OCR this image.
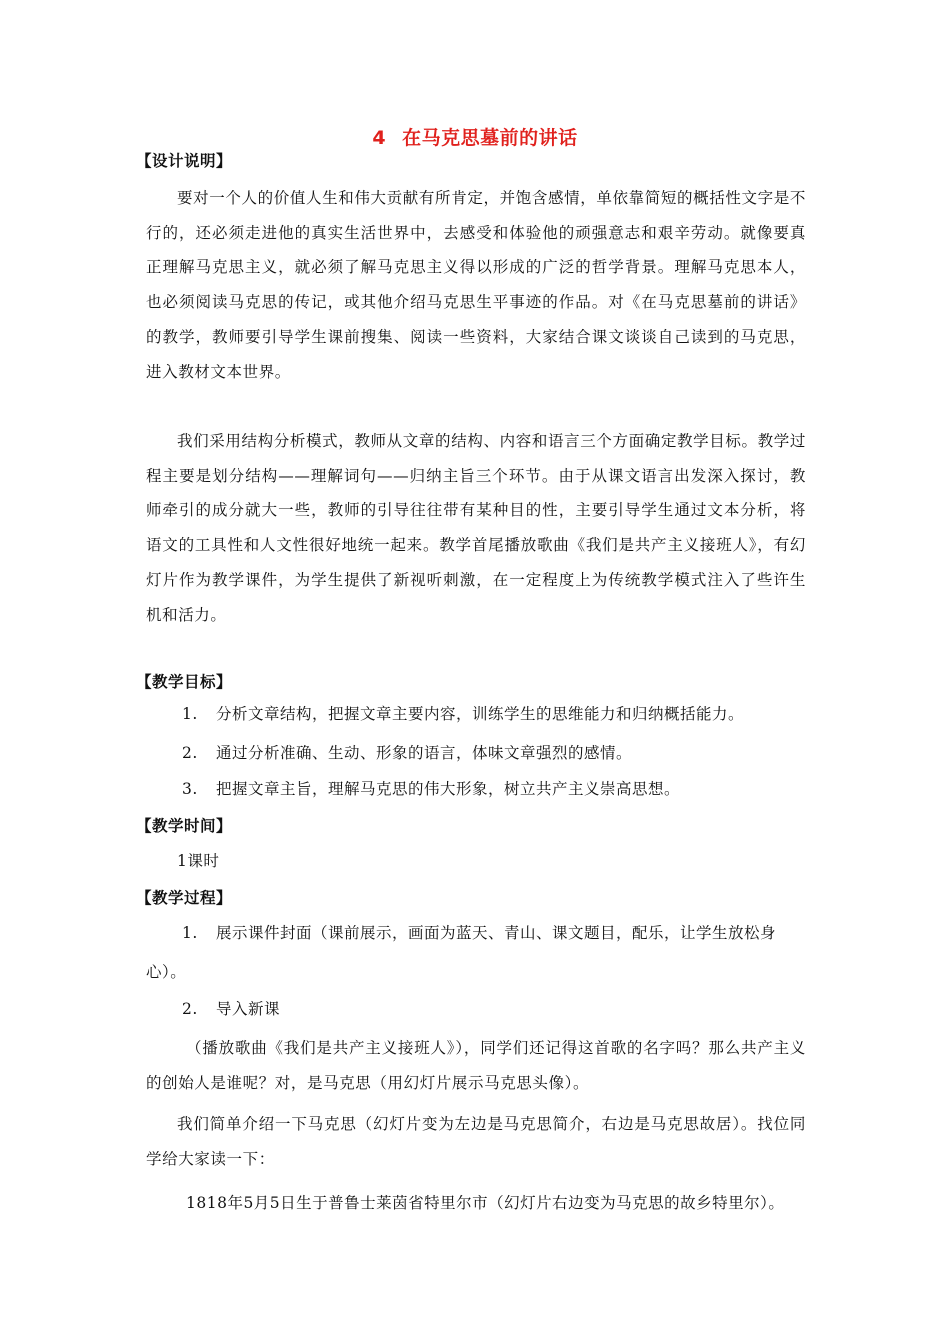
4 在马克思墓前的讲话
【设计说明】
要对一个人的价值人生和伟大贡献有所肯定，并饱含感情，单依靠简短的概括性文字是不行的，还必须走进他的真实生活世界中，去感受和体验他的顽强意志和艰辛劳动。就像要真正理解马克思主义，就必须了解马克思主义得以形成的广泛的哲学背景。理解马克思本人，也必须阅读马克思的传记，或其他介绍马克思生平事迹的作品。对《在马克思墓前的讲话》的教学，教师要引导学生课前搜集、阅读一些资料，大家结合课文谈谈自己读到的马克思，进入教材文本世界。
我们采用结构分析模式，教师从文章的结构、内容和语言三个方面确定教学目标。教学过程主要是划分结构——理解词句——归纳主旨三个环节。由于从课文语言出发深入探讨，教师牵引的成分就大一些，教师的引导往往带有某种目的性，主要引导学生通过文本分析，将语文的工具性和人文性很好地统一起来。教学首尾播放歌曲《我们是共产主义接班人》，有幻灯片作为教学课件，为学生提供了新视听刺激，在一定程度上为传统教学模式注入了些许生机和活力。
【教学目标】
1. 分析文章结构，把握文章主要内容，训练学生的思维能力和归纳概括能力。
2. 通过分析准确、生动、形象的语言，体味文章强烈的感情。
3. 把握文章主旨，理解马克思的伟大形象，树立共产主义崇高思想。
【教学时间】
1课时
【教学过程】
1. 展示课件封面（课前展示，画面为蓝天、青山、课文题目，配乐，让学生放松身
心）。
2. 导入新课
（播放歌曲《我们是共产主义接班人》），同学们还记得这首歌的名字吗？那么共产主义的创始人是谁呢？对，是马克思（用幻灯片展示马克思头像）。
我们简单介绍一下马克思（幻灯片变为左边是马克思简介，右边是马克思故居）。找位同学给大家读一下：
1818年5月5日生于普鲁士莱茵省特里尔市（幻灯片右边变为马克思的故乡特里尔）。
